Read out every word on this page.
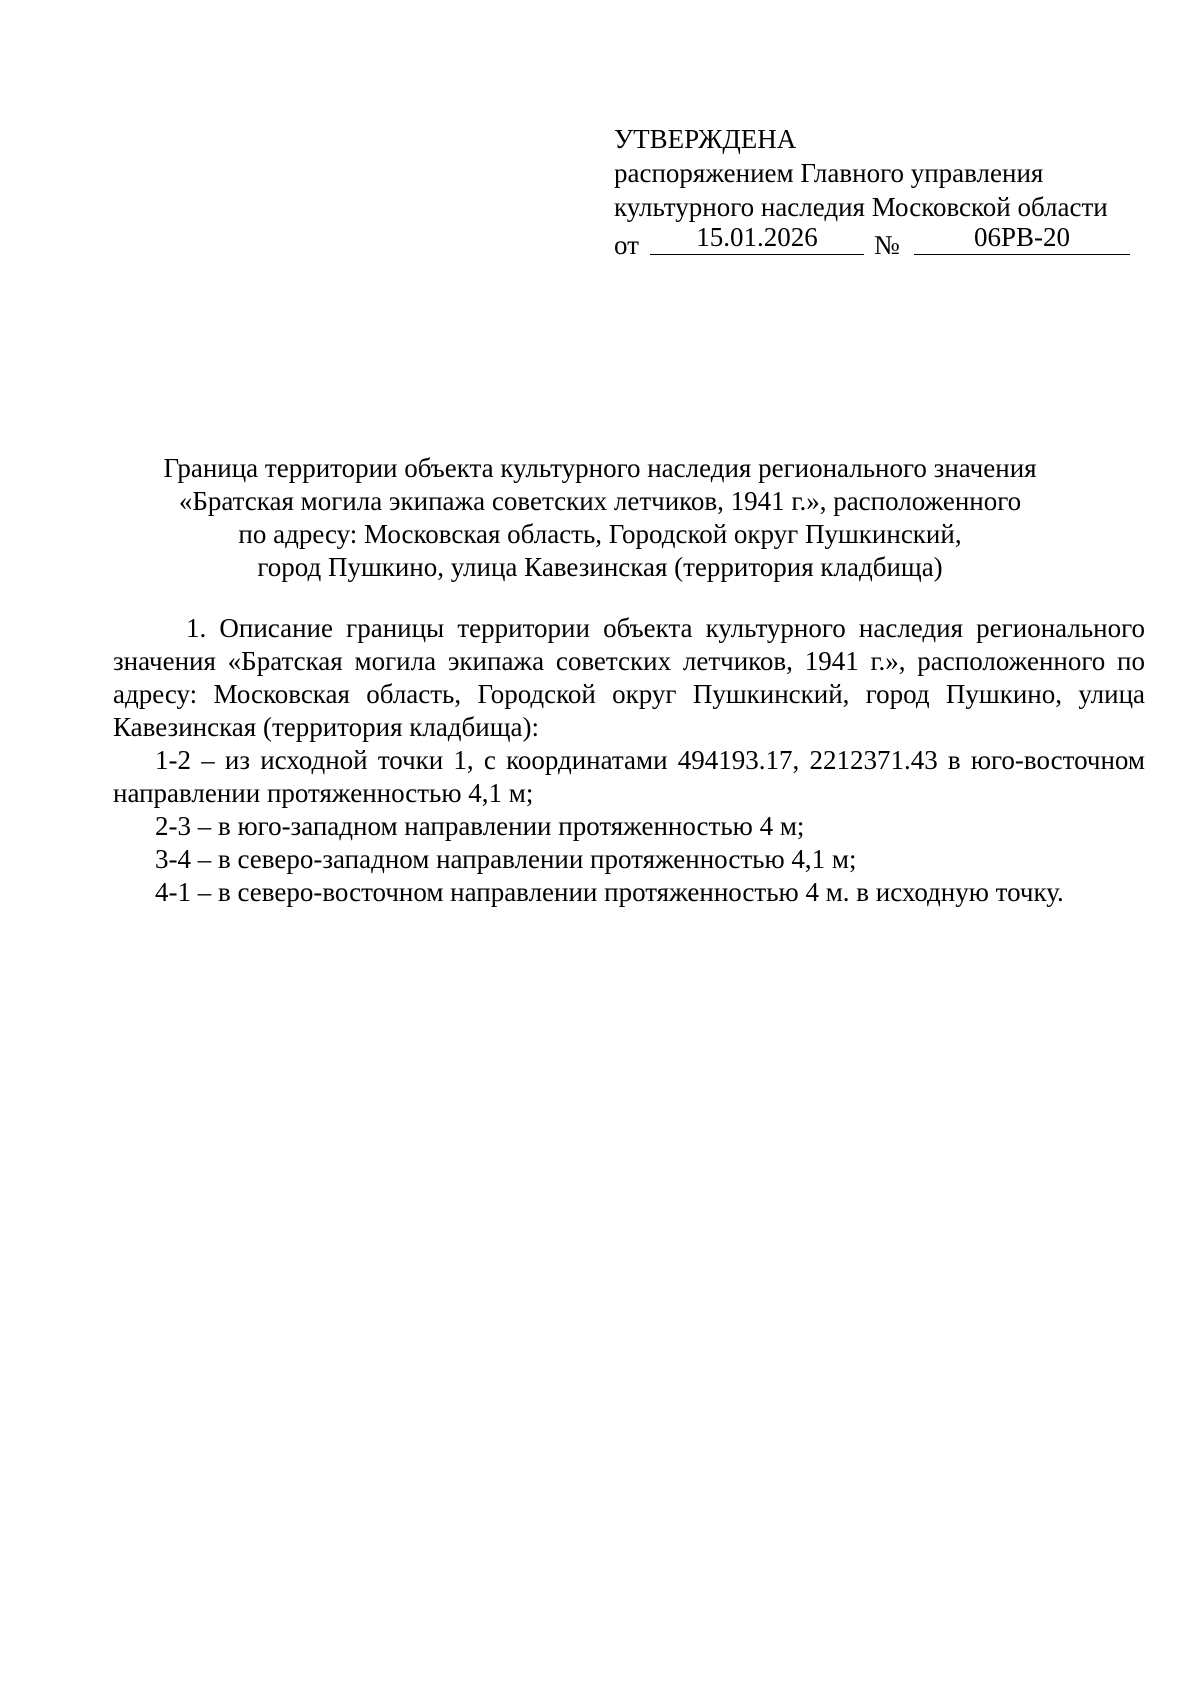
УТВЕРЖДЕНА
распоряжением Главного управления
культурного наследия Московской области
от	15.01.2026	№	06РВ-20
Граница территории объекта культурного наследия регионального значения
«Братская могила экипажа советских летчиков, 1941 г.», расположенного
по адресу: Московская область, Городской округ Пушкинский,
город Пушкино, улица Кавезинская (территория кладбища)

1. Описание границы территории объекта культурного наследия регионального значения «Братская могила экипажа советских летчиков, 1941 г.», расположенного по адресу: Московская область, Городской округ Пушкинский, город Пушкино, улица Кавезинская (территория кладбища):

1-2 – из исходной точки 1, с координатами 494193.17, 2212371.43 в юго-восточном направлении протяженностью 4,1 м;

2-3 – в юго-западном направлении протяженностью 4 м;

3-4 – в северо-западном направлении протяженностью 4,1 м;

4-1 – в северо-восточном направлении протяженностью 4 м. в исходную точку.
